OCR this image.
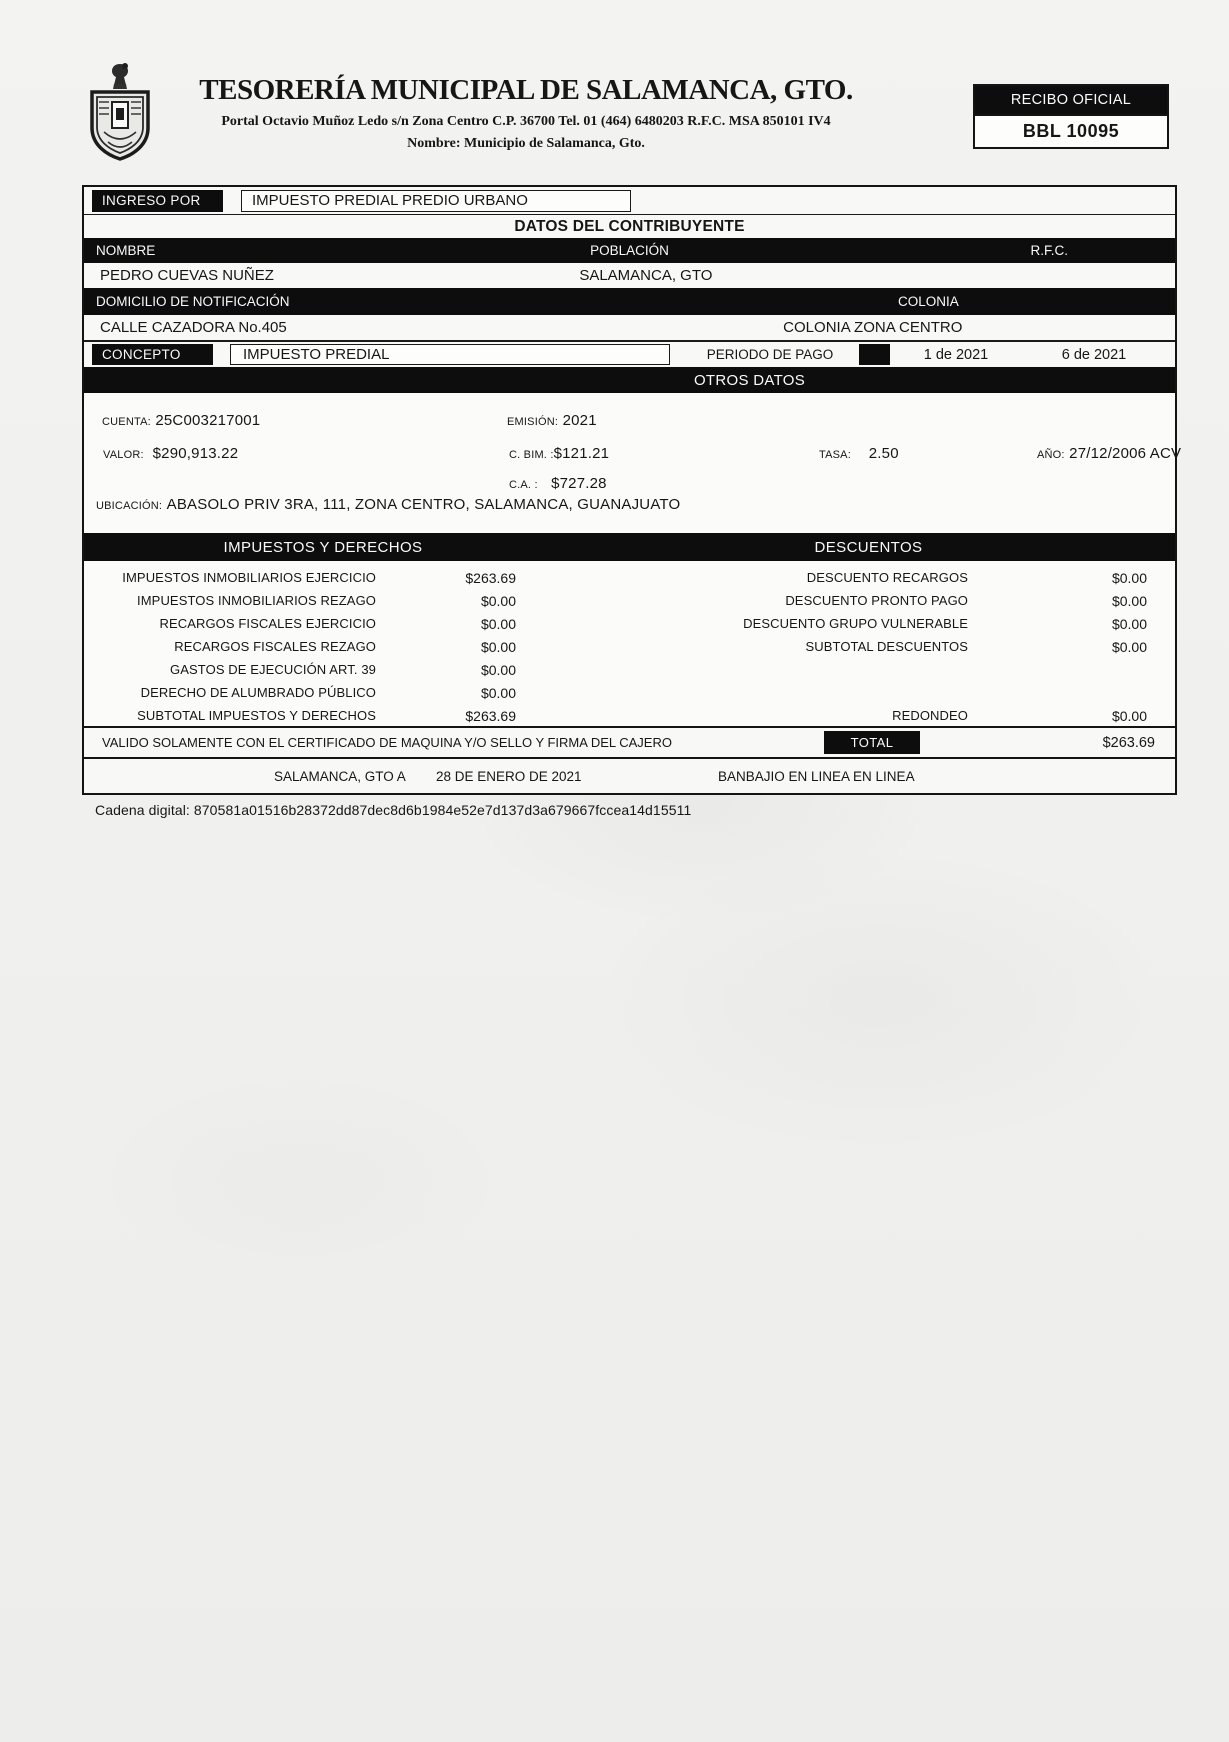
TESORERÍA MUNICIPAL DE SALAMANCA, GTO.
Portal Octavio Muñoz Ledo s/n Zona Centro C.P. 36700 Tel. 01 (464) 6480203 R.F.C. MSA 850101 IV4
Nombre: Municipio de Salamanca, Gto.
RECIBO OFICIAL
BBL 10095
INGRESO POR	IMPUESTO PREDIAL PREDIO URBANO
DATOS DEL CONTRIBUYENTE
NOMBRE	POBLACIÓN	R.F.C.
PEDRO CUEVAS NUÑEZ	SALAMANCA, GTO
DOMICILIO DE NOTIFICACIÓN	COLONIA
CALLE CAZADORA No.405	COLONIA ZONA CENTRO
CONCEPTO	IMPUESTO PREDIAL	PERIODO DE PAGO	1 de 2021	6 de 2021
OTROS DATOS
CUENTA: 25C003217001	EMISIÓN: 2021
VALOR: $290,913.22	C. BIM. :$121.21	TASA: 2.50	AÑO: 27/12/2006 ACV
C.A. : $727.28
UBICACIÓN: ABASOLO PRIV 3RA, 111, ZONA CENTRO, SALAMANCA, GUANAJUATO
IMPUESTOS Y DERECHOS	DESCUENTOS
IMPUESTOS INMOBILIARIOS EJERCICIO	$263.69	DESCUENTO RECARGOS	$0.00
IMPUESTOS INMOBILIARIOS REZAGO	$0.00	DESCUENTO PRONTO PAGO	$0.00
RECARGOS FISCALES EJERCICIO	$0.00	DESCUENTO GRUPO VULNERABLE	$0.00
RECARGOS FISCALES REZAGO	$0.00	SUBTOTAL DESCUENTOS	$0.00
GASTOS DE EJECUCIÓN ART. 39	$0.00
DERECHO DE ALUMBRADO PÚBLICO	$0.00
SUBTOTAL IMPUESTOS Y DERECHOS	$263.69	REDONDEO	$0.00
VALIDO SOLAMENTE CON EL CERTIFICADO DE MAQUINA Y/O SELLO Y FIRMA DEL CAJERO	TOTAL	$263.69
SALAMANCA, GTO A 28 DE ENERO DE 2021	BANBAJIO EN LINEA EN LINEA
Cadena digital: 870581a01516b28372dd87dec8d6b1984e52e7d137d3a679667fccea14d15511
